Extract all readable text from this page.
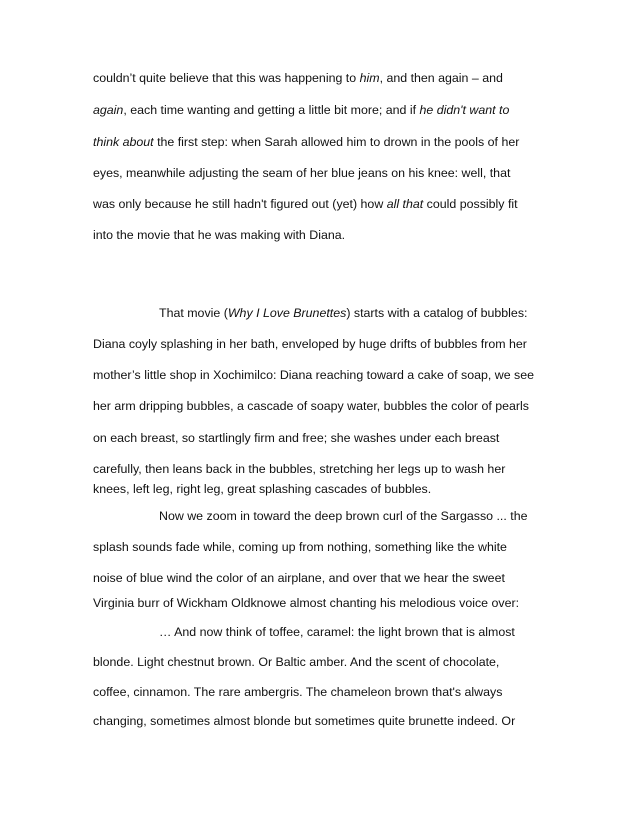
couldn’t quite believe that this was happening to him, and then again – and
again, each time wanting and getting a little bit more; and if he didn't want to
think about the first step: when Sarah allowed him to drown in the pools of her
eyes, meanwhile adjusting the seam of her blue jeans on his knee: well, that
was only because he still hadn't figured out (yet) how all that could possibly fit
into the movie that he was making with Diana.
That movie (Why I Love Brunettes) starts with a catalog of bubbles:
Diana coyly splashing in her bath, enveloped by huge drifts of bubbles from her
mother’s little shop in Xochimilco: Diana reaching toward a cake of soap, we see
her arm dripping bubbles, a cascade of soapy water, bubbles the color of pearls
on each breast, so startlingly firm and free; she washes under each breast
carefully, then leans back in the bubbles, stretching her legs up to wash her
knees, left leg, right leg, great splashing cascades of bubbles.
Now we zoom in toward the deep brown curl of the Sargasso ... the
splash sounds fade while, coming up from nothing, something like the white
noise of blue wind the color of an airplane, and over that we hear the sweet
Virginia burr of Wickham Oldknowe almost chanting his melodious voice over:
… And now think of toffee, caramel: the light brown that is almost
blonde. Light chestnut brown. Or Baltic amber. And the scent of chocolate,
coffee, cinnamon. The rare ambergris. The chameleon brown that's always
changing, sometimes almost blonde but sometimes quite brunette indeed. Or
